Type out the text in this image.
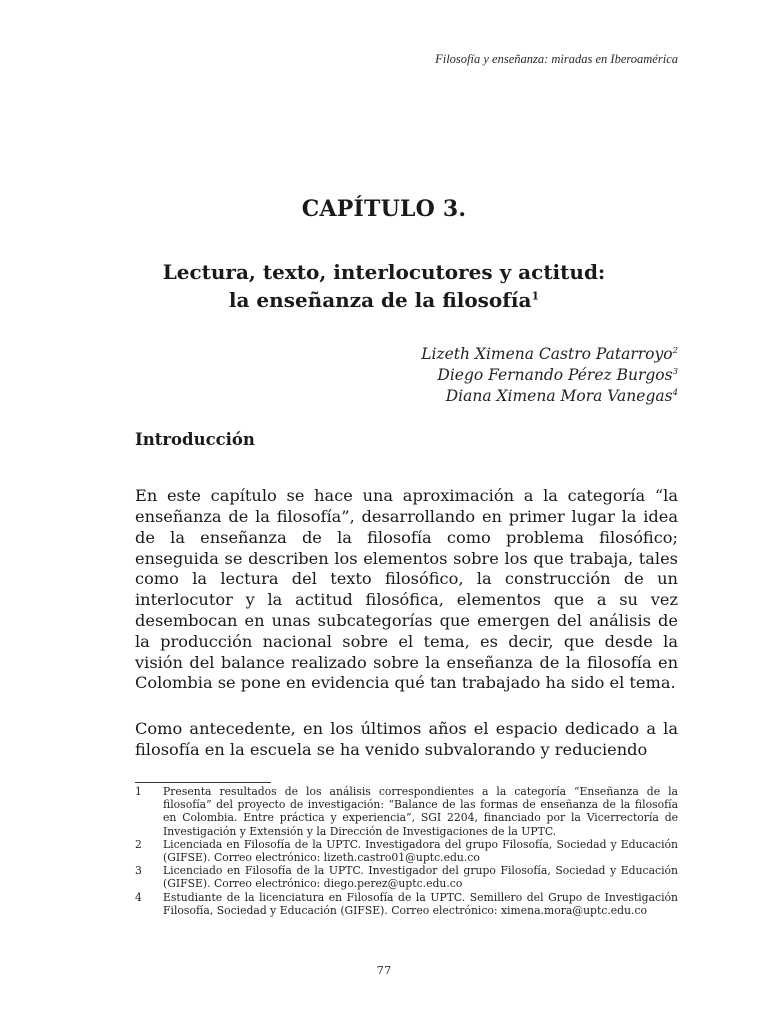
Filosofía y enseñanza: miradas en Iberoamérica
CAPÍTULO 3.
Lectura, texto, interlocutores y actitud: la enseñanza de la filosofía$^1$
Lizeth Ximena Castro Patarroyo$^2$
Diego Fernando Pérez Burgos$^3$
Diana Ximena Mora Vanegas$^4$
Introducción

En este capítulo se hace una aproximación a la categoría “la enseñanza de la filosofía”, desarrollando en primer lugar la idea de la enseñanza de la filosofía como problema filosófico; enseguida se describen los elementos sobre los que trabaja, tales como la lectura del texto filosófico, la construcción de un interlocutor y la actitud filosófica, elementos que a su vez desembocan en unas subcategorías que emergen del análisis de la producción nacional sobre el tema, es decir, que desde la visión del balance realizado sobre la enseñanza de la filosofía en Colombia se pone en evidencia qué tan trabajado ha sido el tema.

Como antecedente, en los últimos años el espacio dedicado a la filosofía en la escuela se ha venido subvalorando y reduciendo

1	Presenta resultados de los análisis correspondientes a la categoría “Enseñanza de la filosofía” del proyecto de investigación: “Balance de las formas de enseñanza de la filosofía en Colombia. Entre práctica y experiencia”, SGI 2204, financiado por la Vicerrectoría de Investigación y Extensión y la Dirección de Investigaciones de la UPTC.
2	Licenciada en Filosofía de la UPTC. Investigadora del grupo Filosofía, Sociedad y Educación (GIFSE). Correo electrónico: lizeth.castro01@uptc.edu.co
3	Licenciado en Filosofía de la UPTC. Investigador del grupo Filosofía, Sociedad y Educación (GIFSE). Correo electrónico: diego.perez@uptc.edu.co
4	Estudiante de la licenciatura en Filosofía de la UPTC. Semillero del Grupo de Investigación Filosofía, Sociedad y Educación (GIFSE). Correo electrónico: ximena.mora@uptc.edu.co
77
